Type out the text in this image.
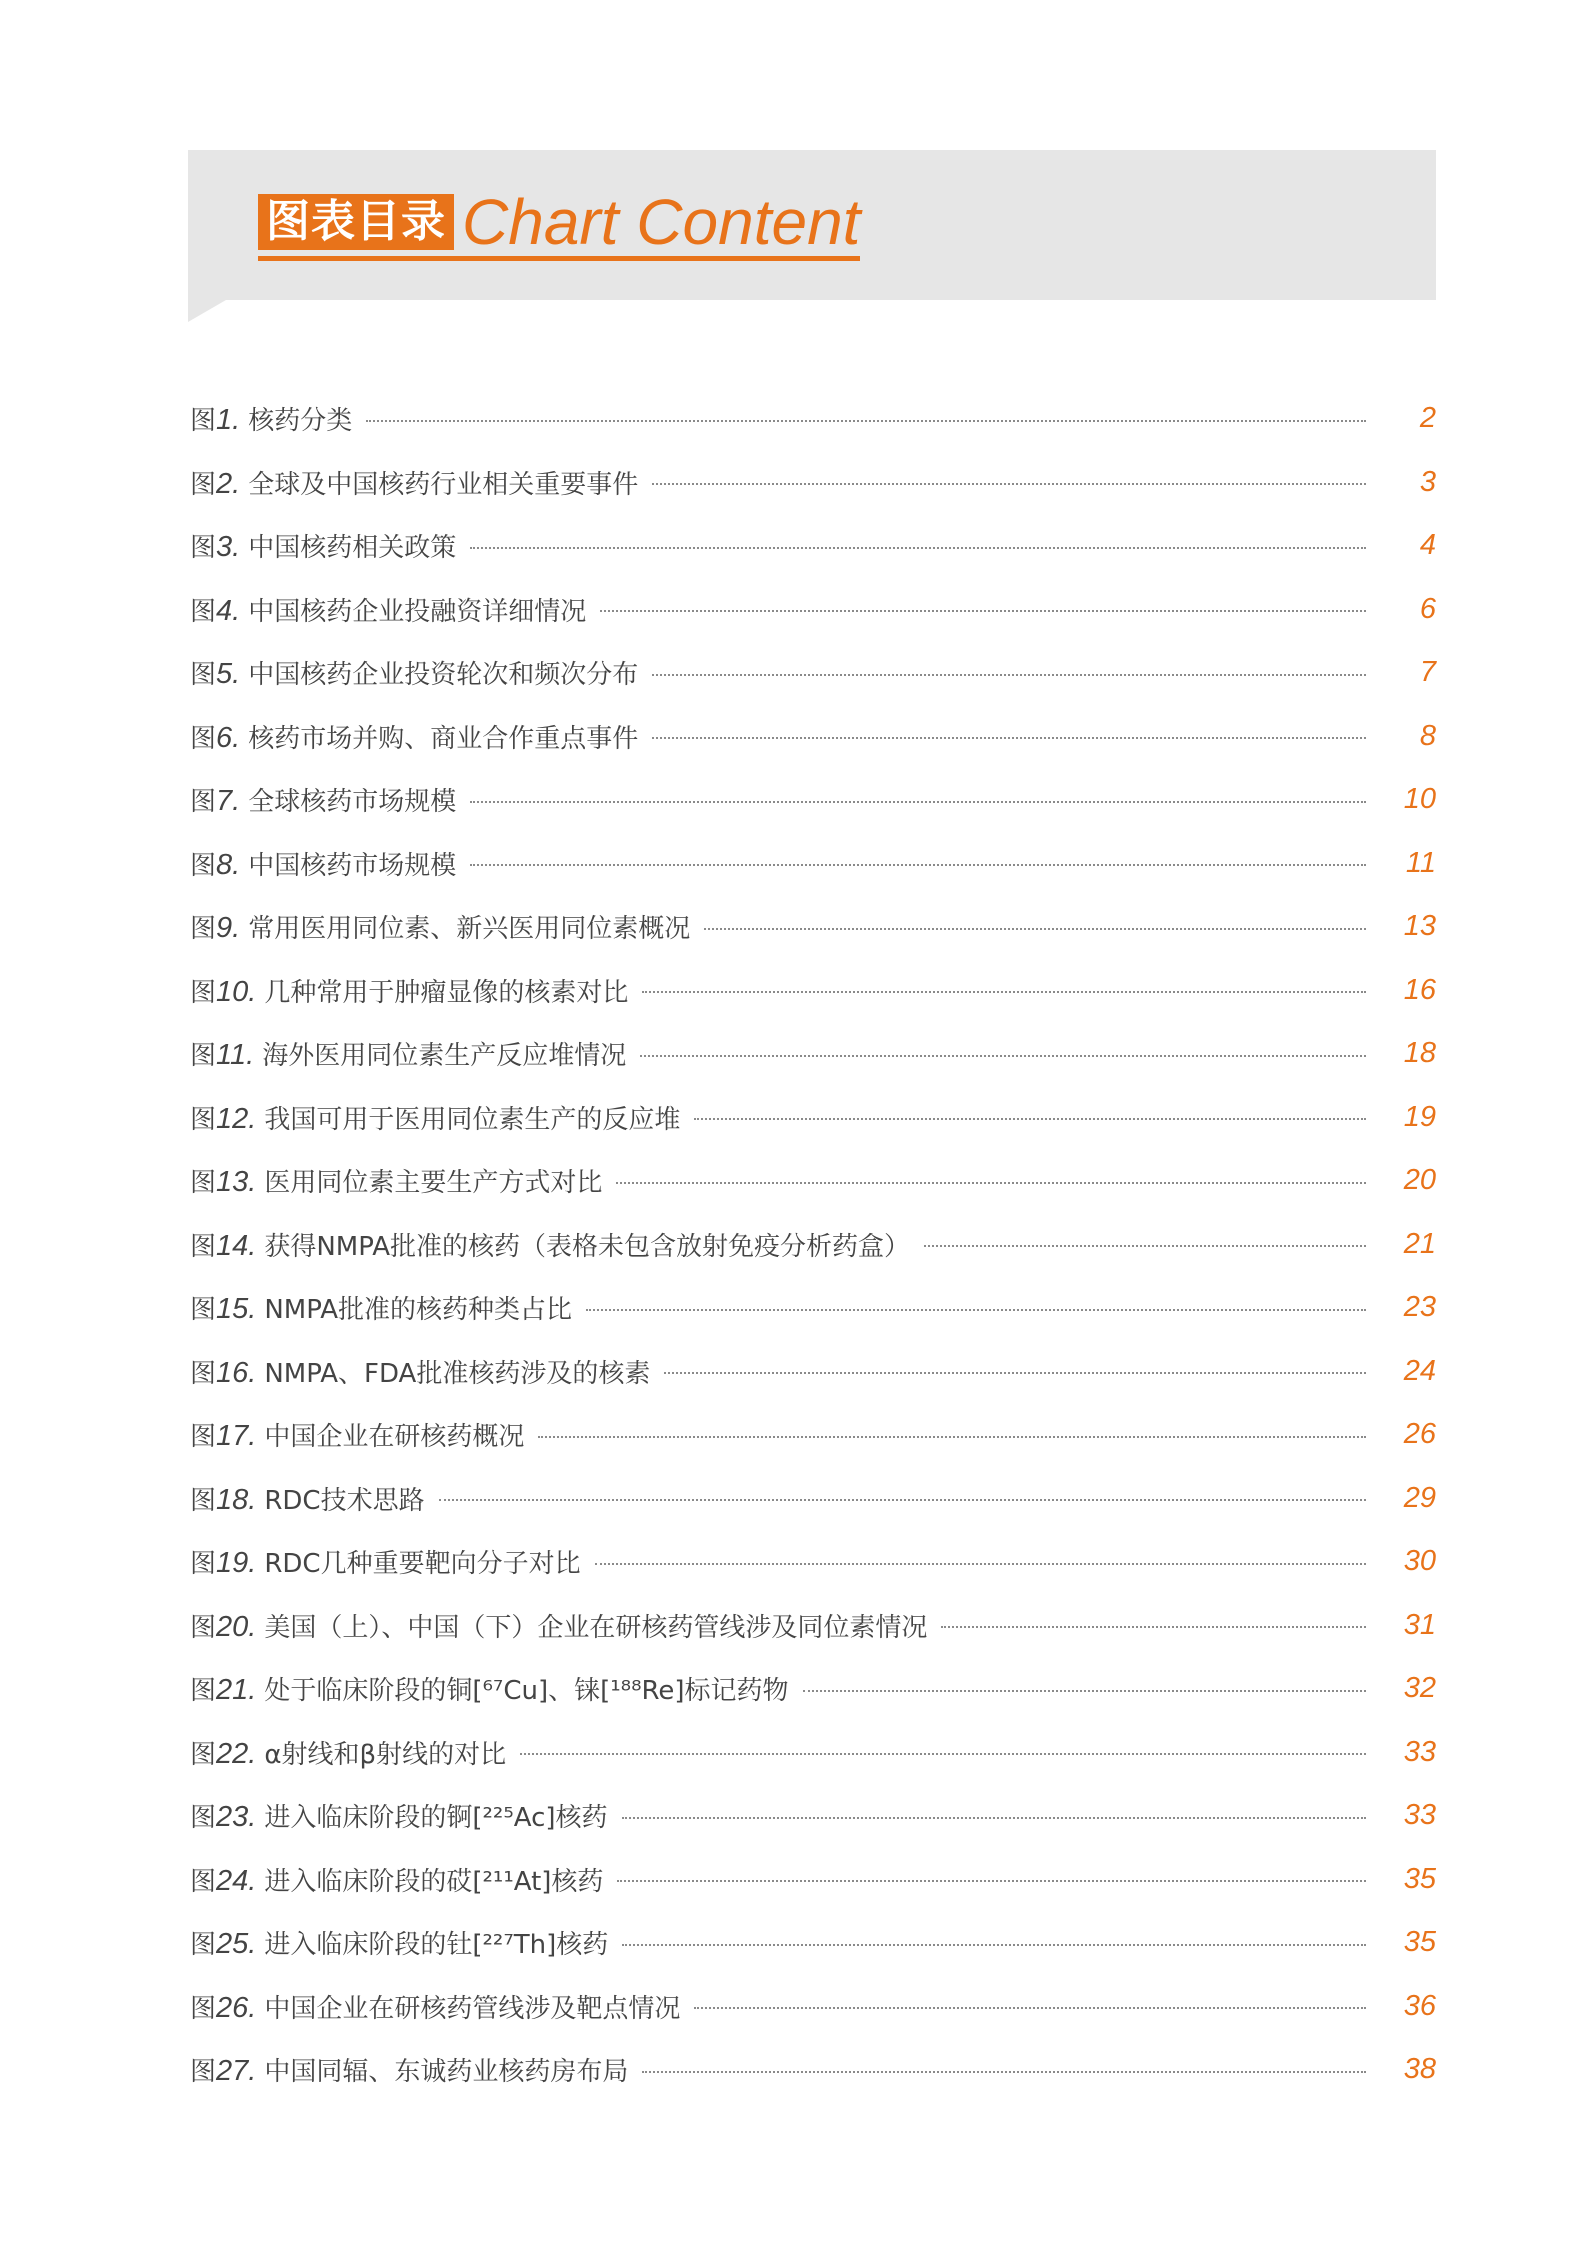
图表目录 Chart Content
图1. 核药分类	2
图2. 全球及中国核药行业相关重要事件	3
图3. 中国核药相关政策	4
图4. 中国核药企业投融资详细情况	6
图5. 中国核药企业投资轮次和频次分布	7
图6. 核药市场并购、商业合作重点事件	8
图7. 全球核药市场规模	10
图8. 中国核药市场规模	11
图9. 常用医用同位素、新兴医用同位素概况	13
图10. 几种常用于肿瘤显像的核素对比	16
图11. 海外医用同位素生产反应堆情况	18
图12. 我国可用于医用同位素生产的反应堆	19
图13. 医用同位素主要生产方式对比	20
图14. 获得NMPA批准的核药（表格未包含放射免疫分析药盒）	21
图15. NMPA批准的核药种类占比	23
图16. NMPA、FDA批准核药涉及的核素	24
图17. 中国企业在研核药概况	26
图18. RDC技术思路	29
图19. RDC几种重要靶向分子对比	30
图20. 美国（上）、中国（下）企业在研核药管线涉及同位素情况	31
图21. 处于临床阶段的铜[⁶⁷Cu]、铼[¹⁸⁸Re]标记药物	32
图22. α射线和β射线的对比	33
图23. 进入临床阶段的锕[²²⁵Ac]核药	33
图24. 进入临床阶段的砹[²¹¹At]核药	35
图25. 进入临床阶段的钍[²²⁷Th]核药	35
图26. 中国企业在研核药管线涉及靶点情况	36
图27. 中国同辐、东诚药业核药房布局	38
